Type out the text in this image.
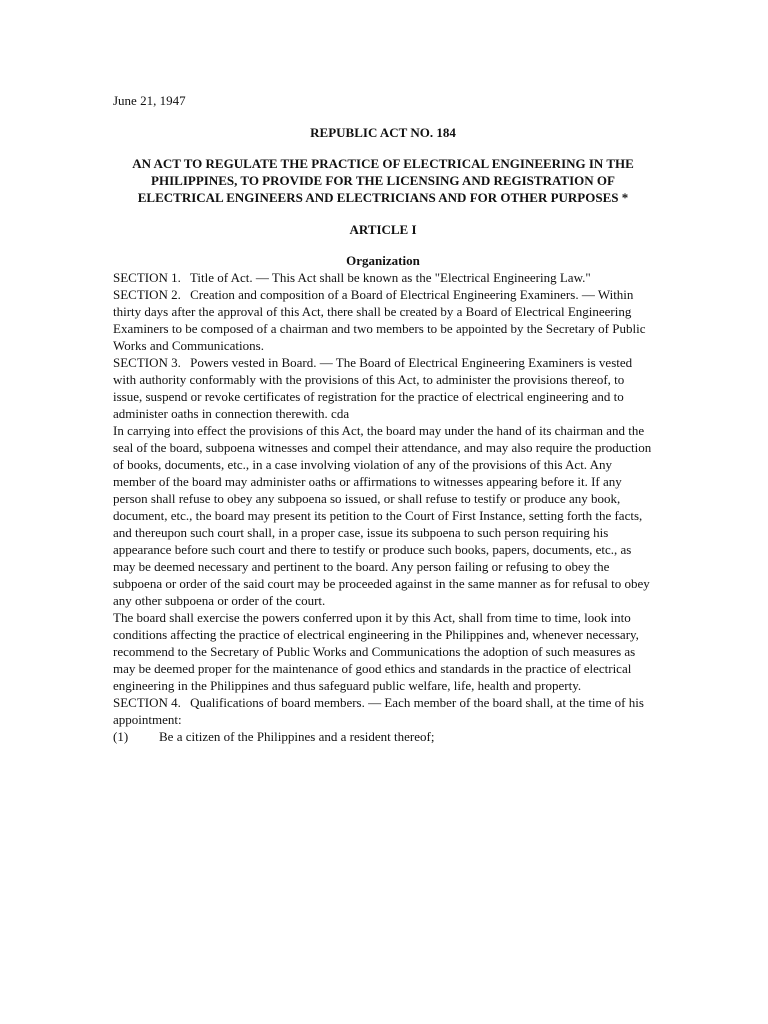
June 21, 1947

REPUBLIC ACT NO. 184

AN ACT TO REGULATE THE PRACTICE OF ELECTRICAL ENGINEERING IN THE PHILIPPINES, TO PROVIDE FOR THE LICENSING AND REGISTRATION OF ELECTRICAL ENGINEERS AND ELECTRICIANS AND FOR OTHER PURPOSES *

ARTICLE I

Organization

SECTION 1. Title of Act. — This Act shall be known as the "Electrical Engineering Law."

SECTION 2. Creation and composition of a Board of Electrical Engineering Examiners. — Within thirty days after the approval of this Act, there shall be created by a Board of Electrical Engineering Examiners to be composed of a chairman and two members to be appointed by the Secretary of Public Works and Communications.

SECTION 3. Powers vested in Board. — The Board of Electrical Engineering Examiners is vested with authority conformably with the provisions of this Act, to administer the provisions thereof, to issue, suspend or revoke certificates of registration for the practice of electrical engineering and to administer oaths in connection therewith. cda

In carrying into effect the provisions of this Act, the board may under the hand of its chairman and the seal of the board, subpoena witnesses and compel their attendance, and may also require the production of books, documents, etc., in a case involving violation of any of the provisions of this Act. Any member of the board may administer oaths or affirmations to witnesses appearing before it. If any person shall refuse to obey any subpoena so issued, or shall refuse to testify or produce any book, document, etc., the board may present its petition to the Court of First Instance, setting forth the facts, and thereupon such court shall, in a proper case, issue its subpoena to such person requiring his appearance before such court and there to testify or produce such books, papers, documents, etc., as may be deemed necessary and pertinent to the board. Any person failing or refusing to obey the subpoena or order of the said court may be proceeded against in the same manner as for refusal to obey any other subpoena or order of the court.

The board shall exercise the powers conferred upon it by this Act, shall from time to time, look into conditions affecting the practice of electrical engineering in the Philippines and, whenever necessary, recommend to the Secretary of Public Works and Communications the adoption of such measures as may be deemed proper for the maintenance of good ethics and standards in the practice of electrical engineering in the Philippines and thus safeguard public welfare, life, health and property.

SECTION 4. Qualifications of board members. — Each member of the board shall, at the time of his appointment:

(1)	Be a citizen of the Philippines and a resident thereof;
